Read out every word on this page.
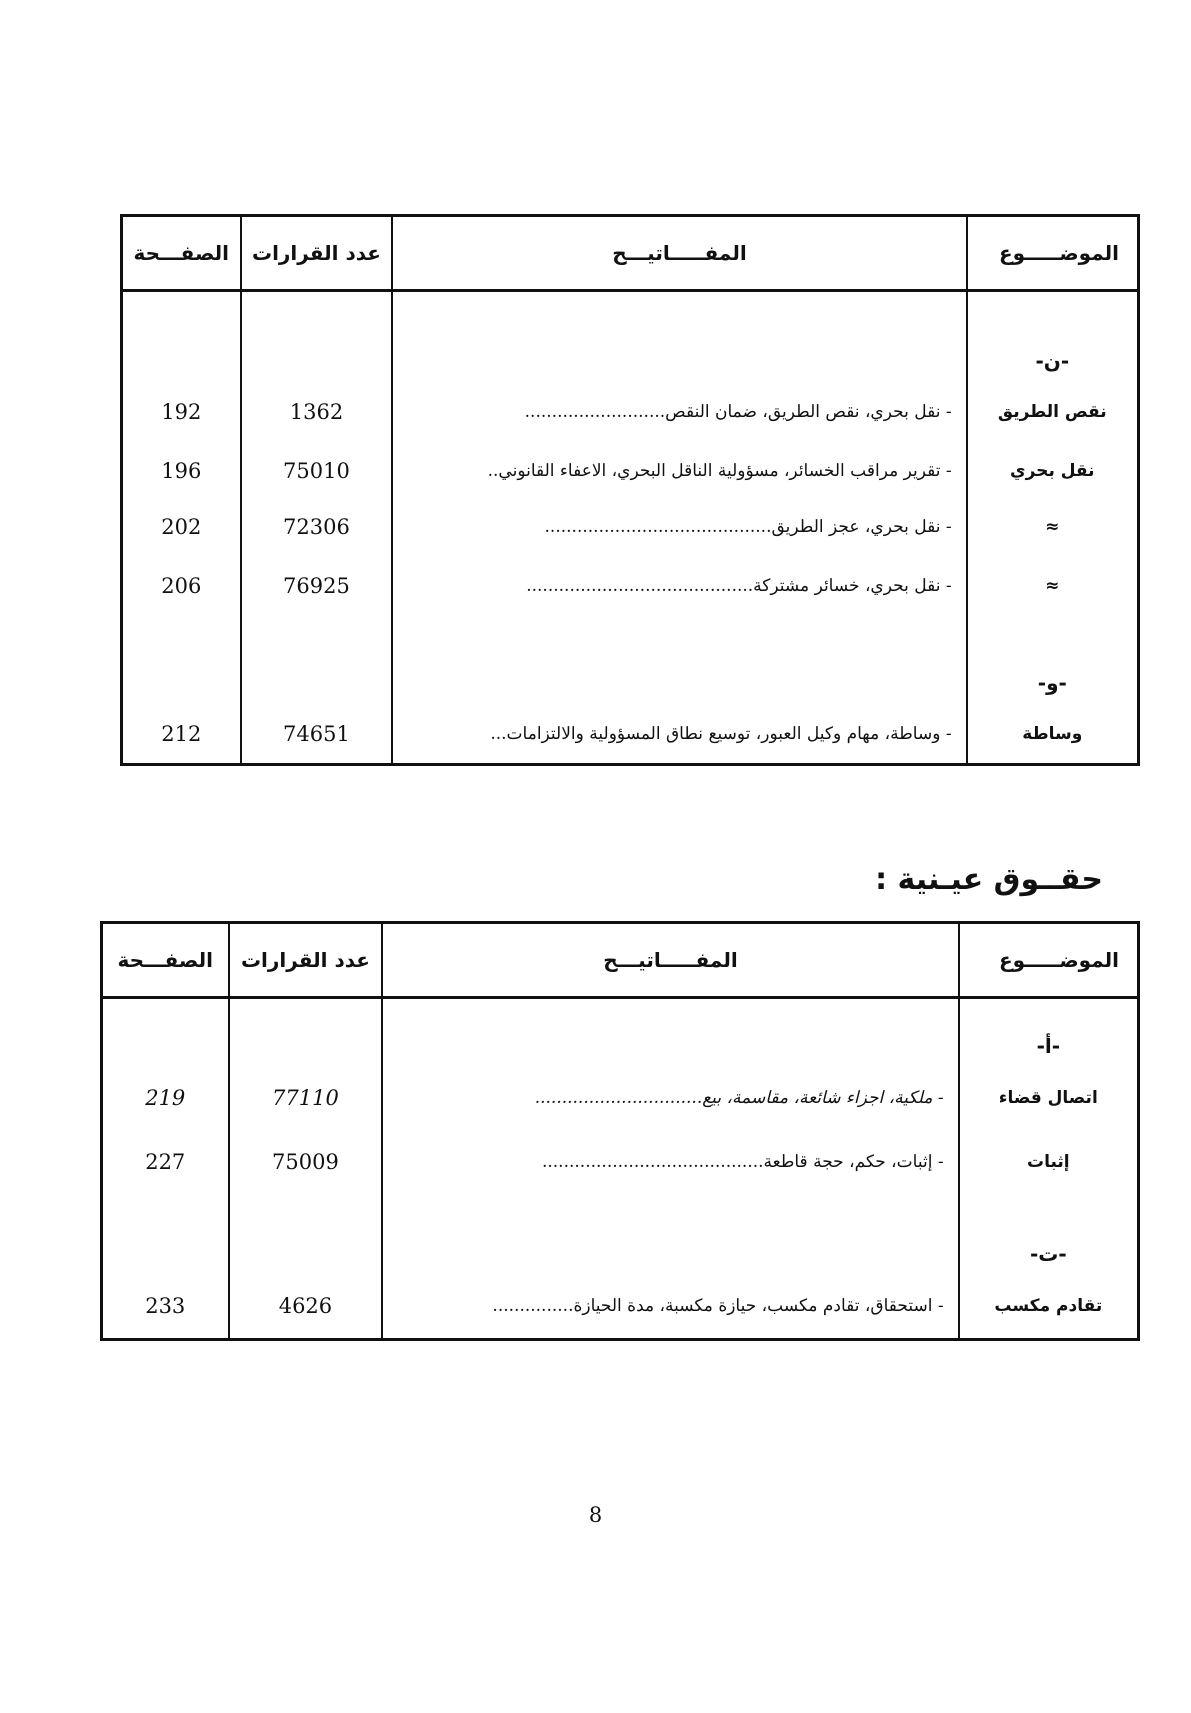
الموضـــــوع	المفـــــاتيـــح	عدد القرارات	الصفـــحة
-ن-			
نقص الطريق	- نقل بحري، نقص الطريق، ضمان النقص..........................	1362	192
نقل بحري	- تقرير مراقب الخسائر، مسؤولية الناقل البحري، الاعفاء القانوني..	75010	196
≈	- نقل بحري، عجز الطريق..........................................	72306	202
≈	- نقل بحري، خسائر مشتركة..........................................	76925	206
-و-			
وساطة	- وساطة، مهام وكيل العبور، توسيع نطاق المسؤولية والالتزامات...	74651	212
حقــوق عيـنية :
الموضـــــوع	المفـــــاتيـــح	عدد القرارات	الصفـــحة
-أ-			
اتصال قضاء	- ملكية، اجزاء شائعة، مقاسمة، بيع...............................	77110	219
إثبات	- إثبات، حكم، حجة قاطعة.........................................	75009	227
-ت-			
تقادم مكسب	- استحقاق، تقادم مكسب، حيازة مكسبة، مدة الحيازة...............	4626	233
8
